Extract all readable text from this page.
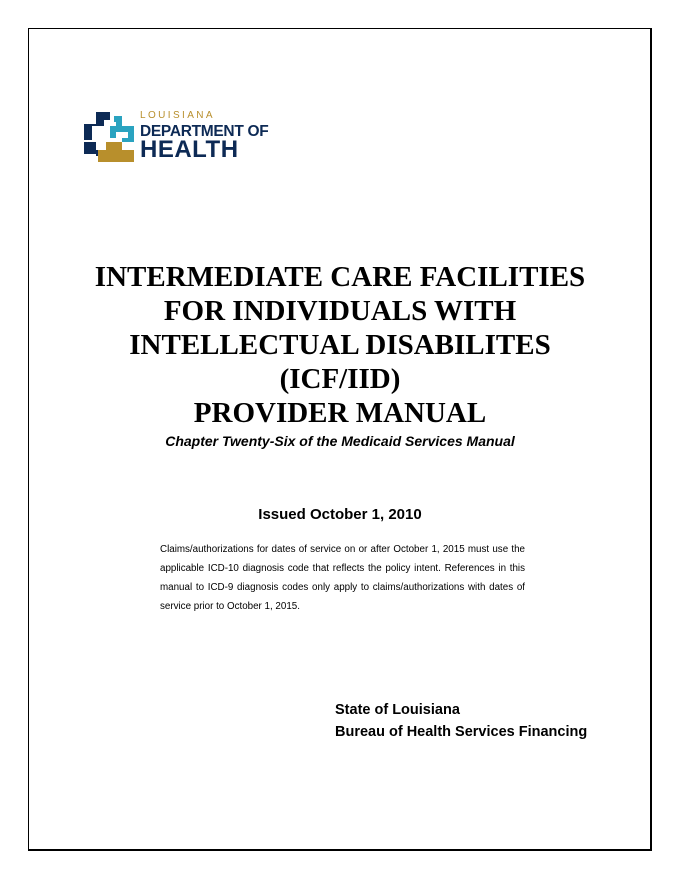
LOUISIANA
DEPARTMENT OF
HEALTH
INTERMEDIATE CARE FACILITIES
FOR INDIVIDUALS WITH
INTELLECTUAL DISABILITES
(ICF/IID)
PROVIDER MANUAL
Chapter Twenty-Six of the Medicaid Services Manual
Issued October 1, 2010
Claims/authorizations for dates of service on or after October 1, 2015 must use the applicable ICD-10 diagnosis code that reflects the policy intent. References in this manual to ICD-9 diagnosis codes only apply to claims/authorizations with dates of service prior to October 1, 2015.
State of Louisiana
Bureau of Health Services Financing
